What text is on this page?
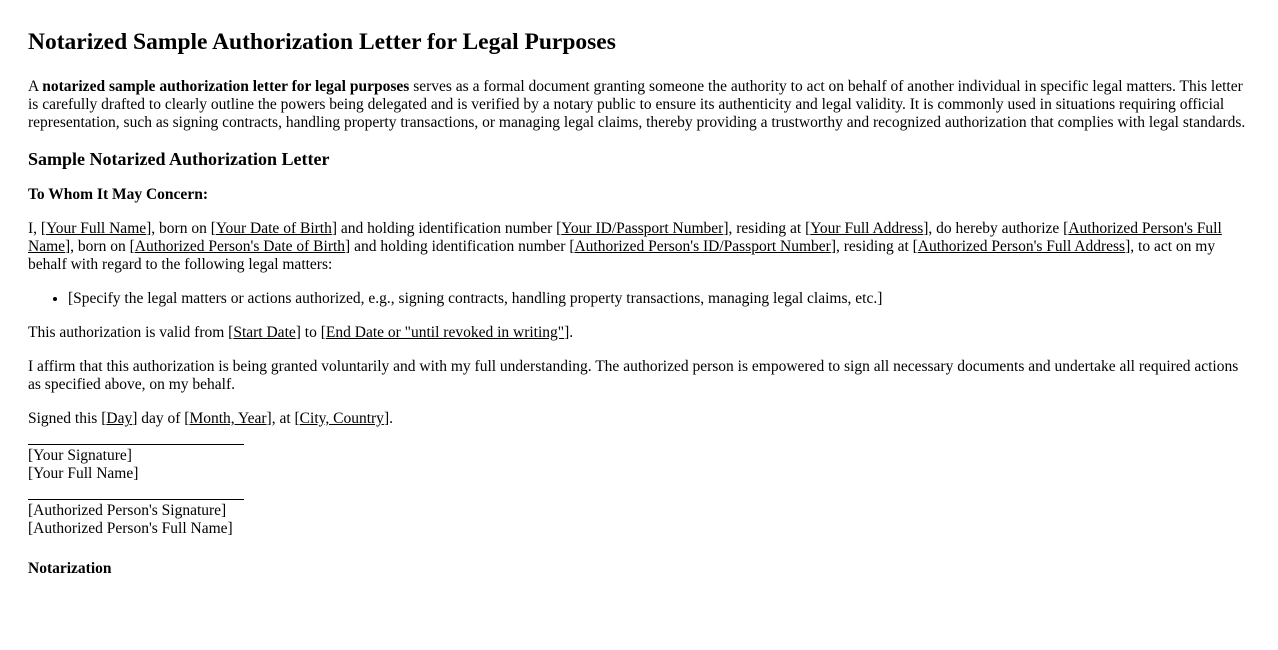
Notarized Sample Authorization Letter for Legal Purposes

A notarized sample authorization letter for legal purposes serves as a formal document granting someone the authority to act on behalf of another individual in specific legal matters. This letter is carefully drafted to clearly outline the powers being delegated and is verified by a notary public to ensure its authenticity and legal validity. It is commonly used in situations requiring official representation, such as signing contracts, handling property transactions, or managing legal claims, thereby providing a trustworthy and recognized authorization that complies with legal standards.

Sample Notarized Authorization Letter

To Whom It May Concern:

I, [Your Full Name], born on [Your Date of Birth] and holding identification number [Your ID/Passport Number], residing at [Your Full Address], do hereby authorize [Authorized Person's Full Name], born on [Authorized Person's Date of Birth] and holding identification number [Authorized Person's ID/Passport Number], residing at [Authorized Person's Full Address], to act on my behalf with regard to the following legal matters:

• [Specify the legal matters or actions authorized, e.g., signing contracts, handling property transactions, managing legal claims, etc.]

This authorization is valid from [Start Date] to [End Date or "until revoked in writing"].

I affirm that this authorization is being granted voluntarily and with my full understanding. The authorized person is empowered to sign all necessary documents and undertake all required actions as specified above, on my behalf.

Signed this [Day] day of [Month, Year], at [City, Country].

[Your Signature]
[Your Full Name]
[Authorized Person's Signature]
[Authorized Person's Full Name]

Notarization
